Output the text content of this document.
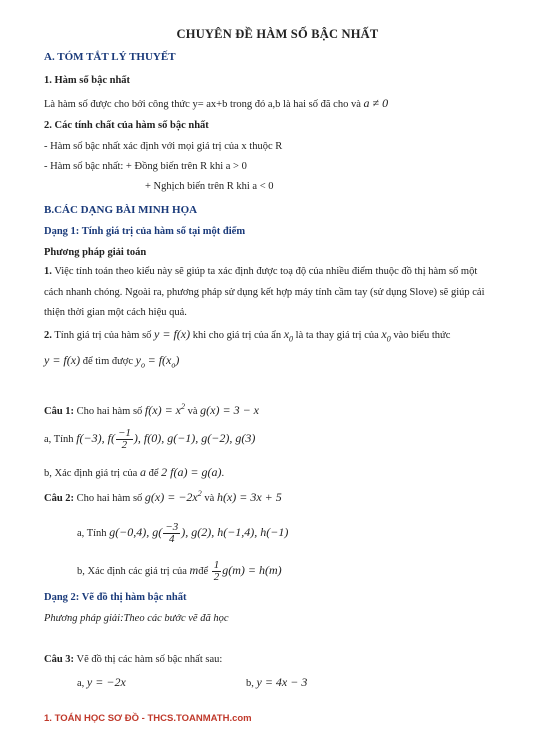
CHUYÊN ĐỀ HÀM SỐ BẬC NHẤT
A. TÓM TẮT LÝ THUYẾT
1. Hàm số bậc nhất
Là hàm số được cho bởi công thức y= ax+b trong đó a,b là hai số đã cho và a ≠ 0
2. Các tính chất của hàm số bậc nhất
- Hàm số bậc nhất xác định với mọi giá trị của x thuộc R
- Hàm số bậc nhất: + Đồng biến trên R khi a > 0
+ Nghịch biến trên R khi a < 0
B.CÁC DẠNG BÀI MINH HỌA
Dạng 1: Tính giá trị của hàm số tại một điểm
Phương pháp giải toán
1. Việc tính toán theo kiểu này sẽ giúp ta xác định được toạ độ của nhiều điểm thuộc đồ thị hàm số một
cách nhanh chóng. Ngoài ra, phương pháp sử dụng kết hợp máy tính cầm tay (sử dụng Slove) sẽ giúp cải
thiện thời gian một cách hiệu quả.
2. Tính giá trị của hàm số y = f(x) khi cho giá trị của ẩn $x_0$ là ta thay giá trị của $x_0$ vào biểu thức
y = f(x) để tìm được $y_o = f(x_o)$
Câu 1: Cho hai hàm số $f(x) = x^2$ và g(x) = 3 − x
a, Tính f(−3), $f( \frac{-1}{2}$ ), f(0), g(−1), g(−2), g(3)
b, Xác định giá trị của a để 2 f(a) = g(a).
Câu 2: Cho hai hàm số $g(x) = -2x^2$ và h(x) = 3x + 5
a, Tính g(−0,4), $g( \frac{-3}{4}$ ), g(2), h(−1,4), h(−1)
b, Xác định các giá trị của mđể $\frac{1}{2} g(m) = h(m)$
Dạng 2: Vẽ đồ thị hàm bậc nhất
Phương pháp giải:Theo các bước vẽ đã học
Câu 3: Vẽ đồ thị các hàm số bậc nhất sau:
a, y = −2x	b, y = 4x − 3
1. TOÁN HỌC SƠ ĐỒ - THCS.TOANMATH.com
